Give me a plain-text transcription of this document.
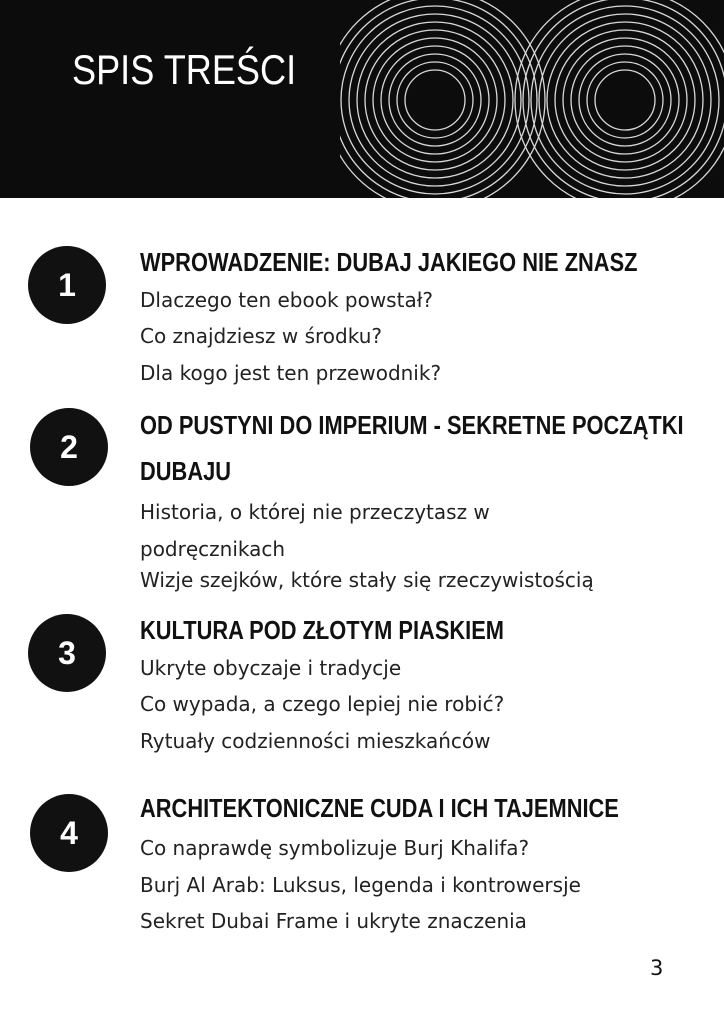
SPIS TREŚCI
1
WPROWADZENIE: DUBAJ JAKIEGO NIE ZNASZ
Dlaczego ten ebook powstał?
Co znajdziesz w środku?
Dla kogo jest ten przewodnik?
2
OD PUSTYNI DO IMPERIUM - SEKRETNE POCZĄTKI DUBAJU
Historia, o której nie przeczytasz w podręcznikach
Wizje szejków, które stały się rzeczywistością
3
KULTURA POD ZŁOTYM PIASKIEM
Ukryte obyczaje i tradycje
Co wypada, a czego lepiej nie robić?
Rytuały codzienności mieszkańców
4
ARCHITEKTONICZNE CUDA I ICH TAJEMNICE
Co naprawdę symbolizuje Burj Khalifa?
Burj Al Arab: Luksus, legenda i kontrowersje
Sekret Dubai Frame i ukryte znaczenia
3
